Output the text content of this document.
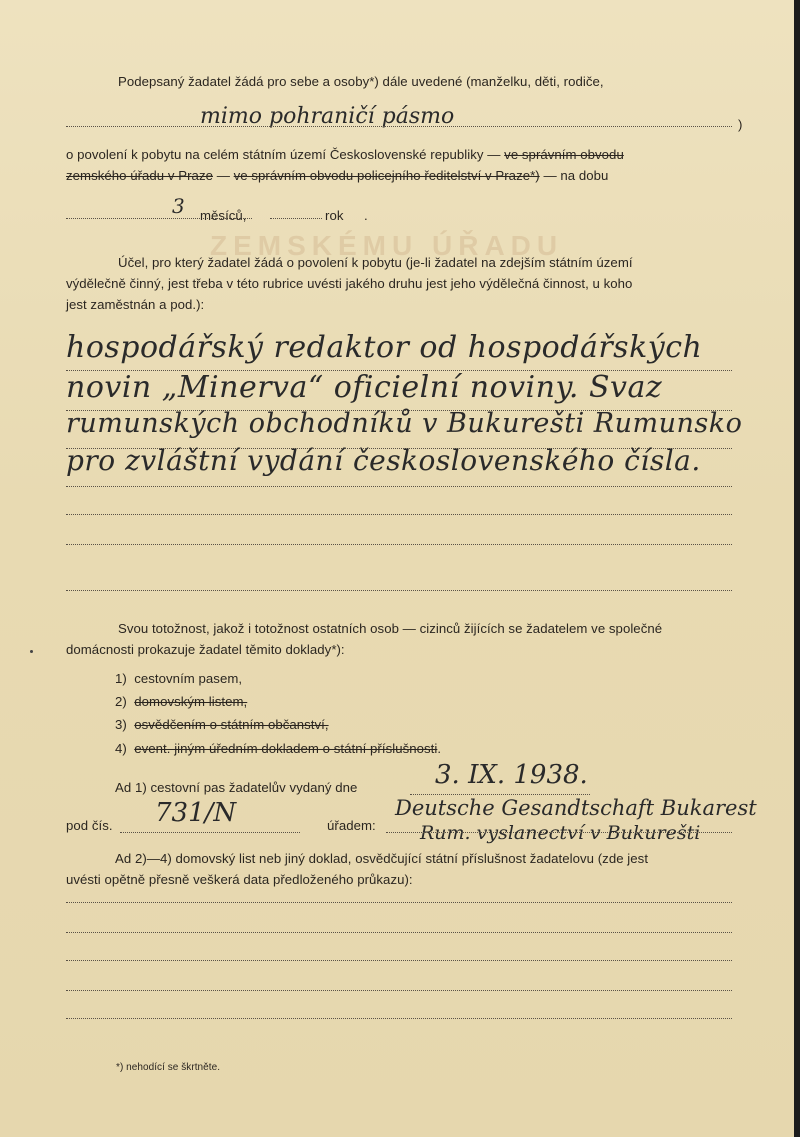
ZEMSKÉMU ÚŘADU
Podepsaný žadatel žádá pro sebe a osoby*) dále uvedené (manželku, děti, rodiče,
mimo pohraničí pásmo	)
o povolení k pobytu na celém státním území Československé republiky — ve správním obvodu
zemského úřadu v Praze — ve správním obvodu policejního ředitelství v Praze*) — na dobu
3 měsíců,	rok .
Účel, pro který žadatel žádá o povolení k pobytu (je-li žadatel na zdejším státním území
výdělečně činný, jest třeba v této rubrice uvésti jakého druhu jest jeho výdělečná činnost, u koho
jest zaměstnán a pod.):
hospodářský redaktor od hospodářských
novin „Minerva“ oficielní noviny. Svaz
rumunských obchodníků v Bukurešti Rumunsko
pro zvláštní vydání československého čísla.
Svou totožnost, jakož i totožnost ostatních osob — cizinců žijících se žadatelem ve společné
domácnosti prokazuje žadatel těmito doklady*):
1) cestovním pasem,
2) domovským listem,
3) osvědčením o státním občanství,
4) event. jiným úředním dokladem o státní příslušnosti.
Ad 1) cestovní pas žadatelův vydaný dne	3. IX. 1938.
pod čís. 731/N	úřadem:
Deutsche Gesandtschaft Bukarest
Rum. vyslanectví v Bukurešti
Ad 2)—4) domovský list neb jiný doklad, osvědčující státní příslušnost žadatelovu (zde jest
uvésti opětně přesně veškerá data předloženého průkazu):
*) nehodící se škrtněte.
